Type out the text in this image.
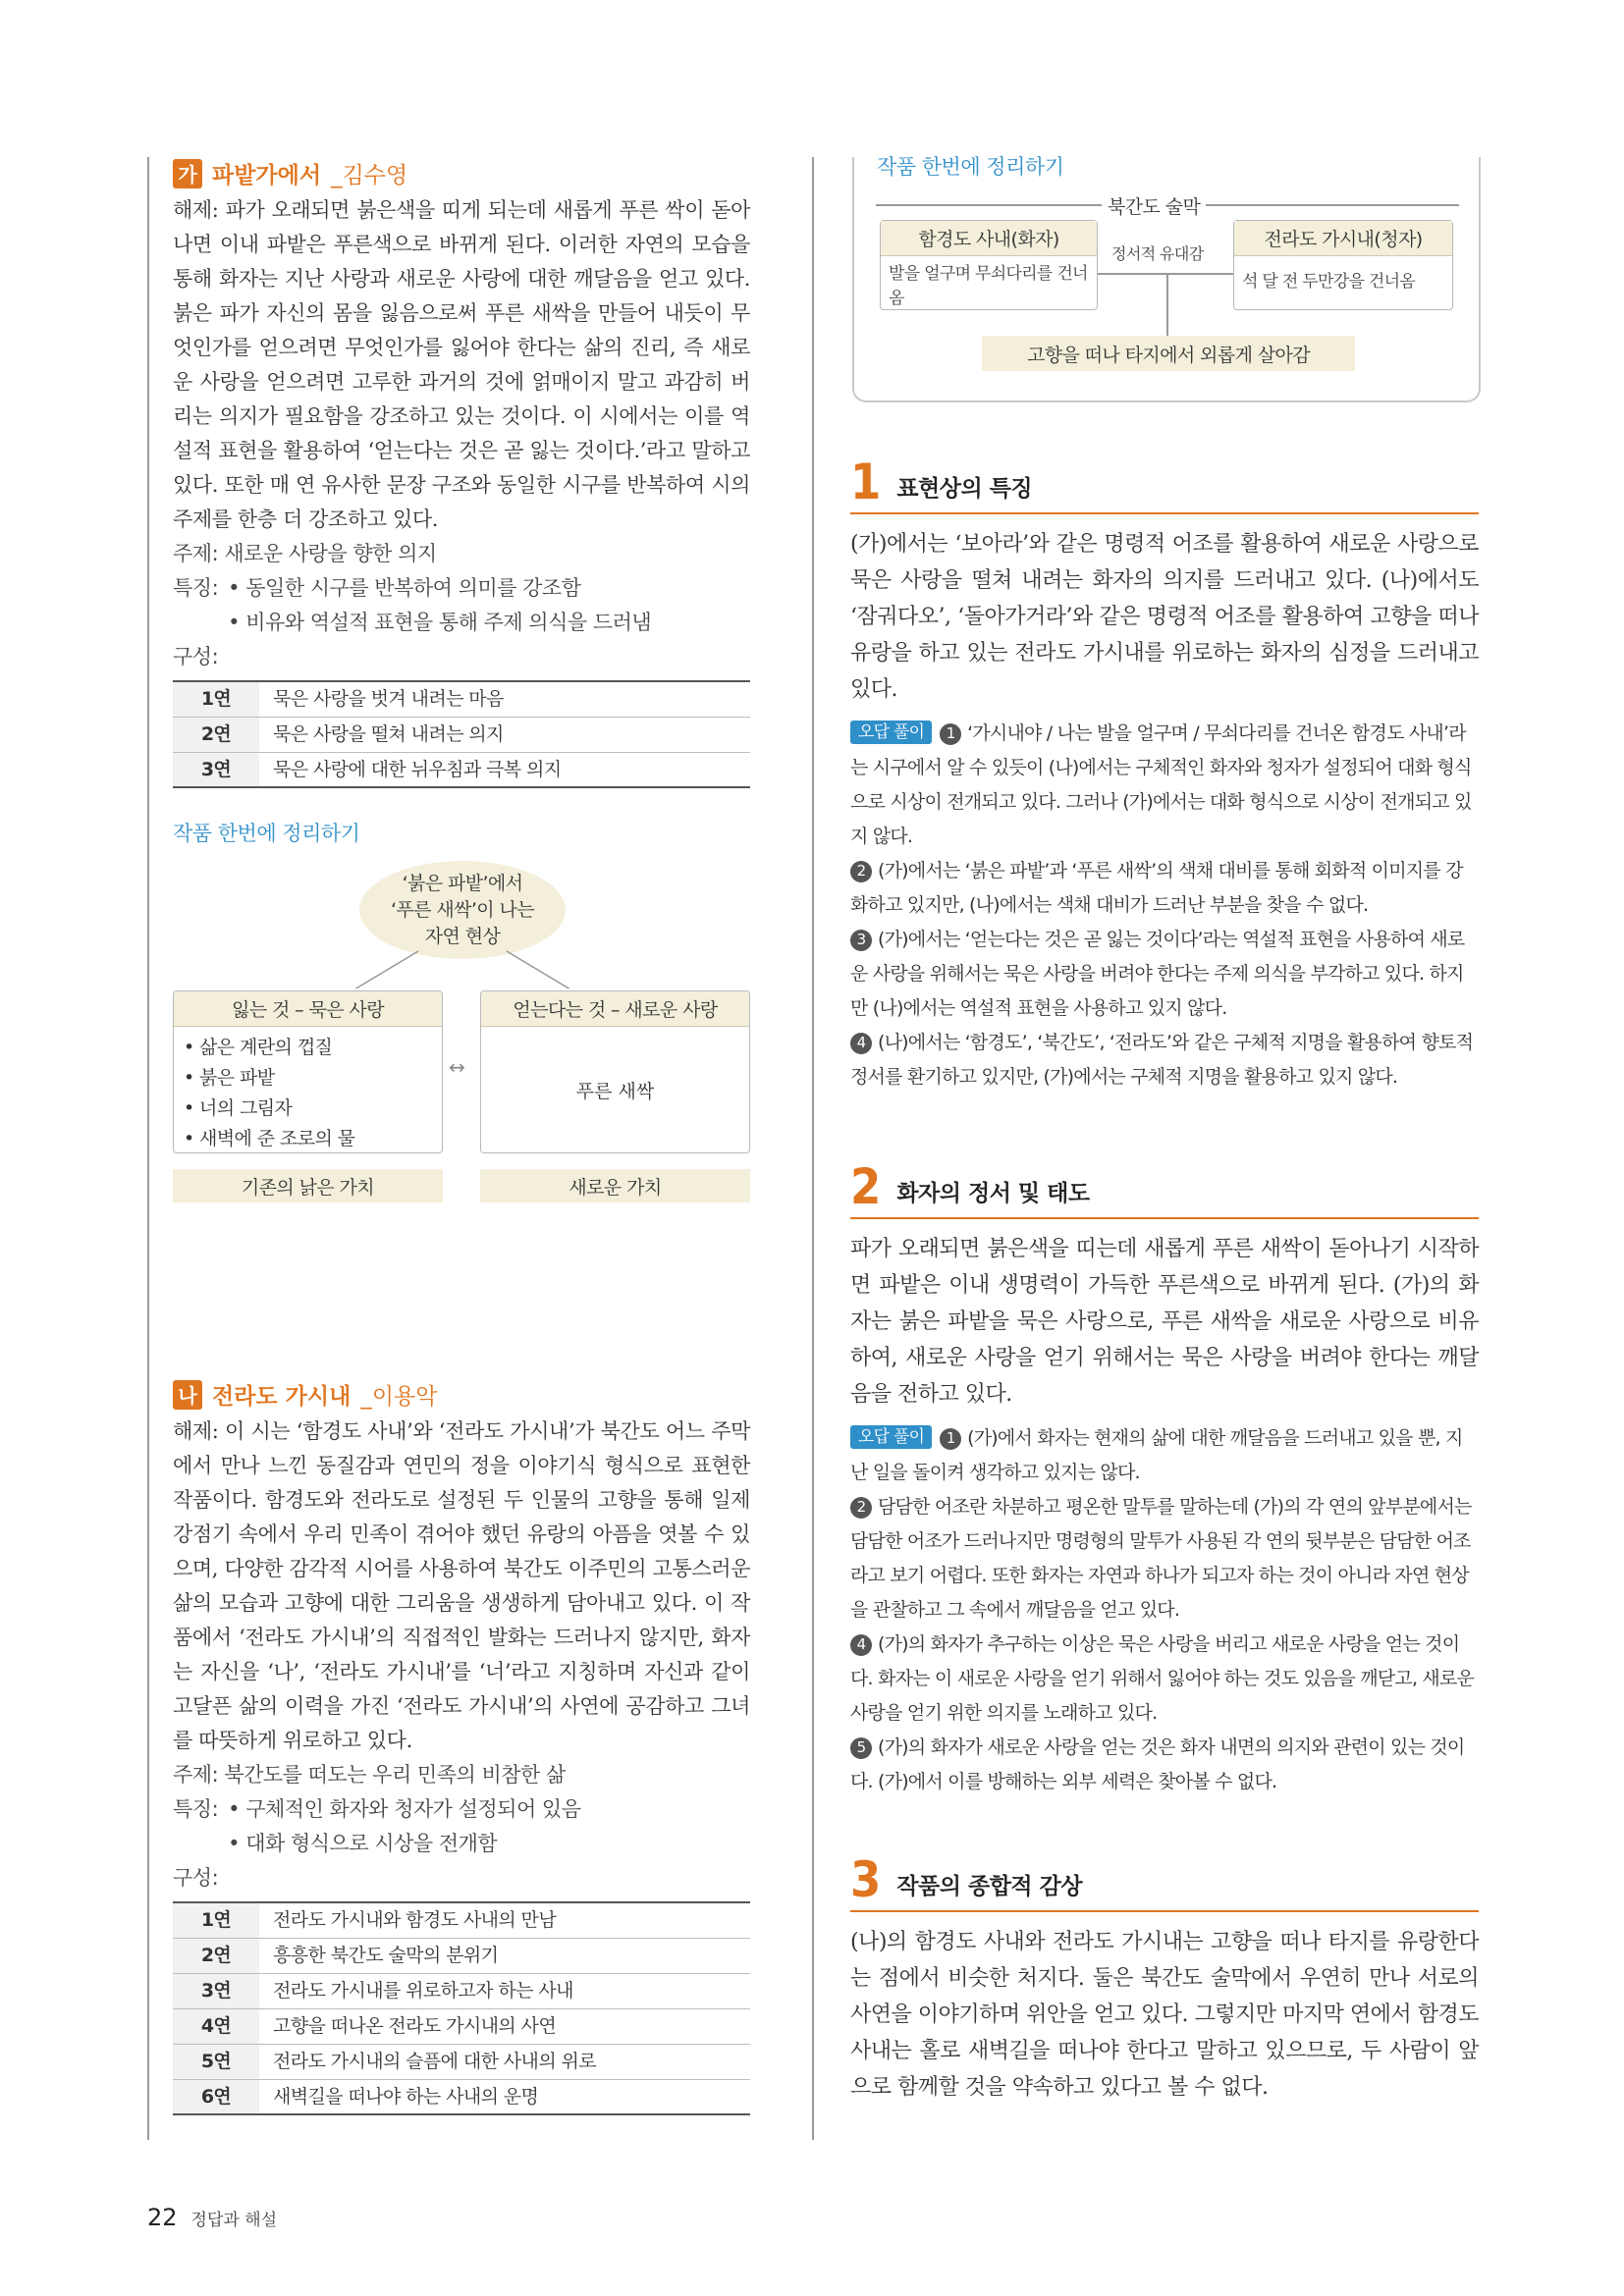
가 파밭가에서 _김수영

해제: 파가 오래되면 붉은색을 띠게 되는데 새롭게 푸른 싹이 돋아나면 이내 파밭은 푸른색으로 바뀌게 된다. 이러한 자연의 모습을 통해 화자는 지난 사랑과 새로운 사랑에 대한 깨달음을 얻고 있다. 붉은 파가 자신의 몸을 잃음으로써 푸른 새싹을 만들어 내듯이 무엇인가를 얻으려면 무엇인가를 잃어야 한다는 삶의 진리, 즉 새로운 사랑을 얻으려면 고루한 과거의 것에 얽매이지 말고 과감히 버리는 의지가 필요함을 강조하고 있는 것이다. 이 시에서는 이를 역설적 표현을 활용하여 ‘얻는다는 것은 곧 잃는 것이다.’라고 말하고 있다. 또한 매 연 유사한 문장 구조와 동일한 시구를 반복하여 시의 주제를 한층 더 강조하고 있다.

주제: 새로운 사랑을 향한 의지
특징: • 동일한 시구를 반복하여 의미를 강조함
• 비유와 역설적 표현을 통해 주제 의식을 드러냄
구성:
1연	묵은 사랑을 벗겨 내려는 마음
2연	묵은 사랑을 떨쳐 내려는 의지
3연	묵은 사랑에 대한 뉘우침과 극복 의지
작품 한번에 정리하기
‘붉은 파밭’에서
‘푸른 새싹’이 나는
자연 현상
잃는 것 – 묵은 사랑
• 삶은 계란의 껍질
• 붉은 파밭
• 너의 그림자
• 새벽에 준 조로의 물
↔
얻는다는 것 – 새로운 사랑
푸른 새싹
기존의 낡은 가치	새로운 가치
나 전라도 가시내 _이용악

해제: 이 시는 ‘함경도 사내’와 ‘전라도 가시내’가 북간도 어느 주막에서 만나 느낀 동질감과 연민의 정을 이야기식 형식으로 표현한 작품이다. 함경도와 전라도로 설정된 두 인물의 고향을 통해 일제 강점기 속에서 우리 민족이 겪어야 했던 유랑의 아픔을 엿볼 수 있으며, 다양한 감각적 시어를 사용하여 북간도 이주민의 고통스러운 삶의 모습과 고향에 대한 그리움을 생생하게 담아내고 있다. 이 작품에서 ‘전라도 가시내’의 직접적인 발화는 드러나지 않지만, 화자는 자신을 ‘나’, ‘전라도 가시내’를 ‘너’라고 지칭하며 자신과 같이 고달픈 삶의 이력을 가진 ‘전라도 가시내’의 사연에 공감하고 그녀를 따뜻하게 위로하고 있다.

주제: 북간도를 떠도는 우리 민족의 비참한 삶
특징: • 구체적인 화자와 청자가 설정되어 있음
• 대화 형식으로 시상을 전개함
구성:
1연	전라도 가시내와 함경도 사내의 만남
2연	흥흥한 북간도 술막의 분위기
3연	전라도 가시내를 위로하고자 하는 사내
4연	고향을 떠나온 전라도 가시내의 사연
5연	전라도 가시내의 슬픔에 대한 사내의 위로
6연	새벽길을 떠나야 하는 사내의 운명
작품 한번에 정리하기
북간도 술막
함경도 사내(화자)
발을 얼구며 무쇠다리를 건너옴
정서적 유대감
전라도 가시내(청자)
석 달 전 두만강을 건너옴
고향을 떠나 타지에서 외롭게 살아감
1 표현상의 특징
(가)에서는 ‘보아라’와 같은 명령적 어조를 활용하여 새로운 사랑으로 묵은 사랑을 떨쳐 내려는 화자의 의지를 드러내고 있다. (나)에서도 ‘잠궈다오’, ‘돌아가거라’와 같은 명령적 어조를 활용하여 고향을 떠나 유랑을 하고 있는 전라도 가시내를 위로하는 화자의 심정을 드러내고 있다.
오답 풀이 1 ‘가시내야 / 나는 발을 얼구며 / 무쇠다리를 건너온 함경도 사내’라는 시구에서 알 수 있듯이 (나)에서는 구체적인 화자와 청자가 설정되어 대화 형식으로 시상이 전개되고 있다. 그러나 (가)에서는 대화 형식으로 시상이 전개되고 있지 않다.
2 (가)에서는 ‘붉은 파밭’과 ‘푸른 새싹’의 색채 대비를 통해 회화적 이미지를 강화하고 있지만, (나)에서는 색채 대비가 드러난 부분을 찾을 수 없다.
3 (가)에서는 ‘얻는다는 것은 곧 잃는 것이다’라는 역설적 표현을 사용하여 새로운 사랑을 위해서는 묵은 사랑을 버려야 한다는 주제 의식을 부각하고 있다. 하지만 (나)에서는 역설적 표현을 사용하고 있지 않다.
4 (나)에서는 ‘함경도’, ‘북간도’, ‘전라도’와 같은 구체적 지명을 활용하여 향토적 정서를 환기하고 있지만, (가)에서는 구체적 지명을 활용하고 있지 않다.
2 화자의 정서 및 태도
파가 오래되면 붉은색을 띠는데 새롭게 푸른 새싹이 돋아나기 시작하면 파밭은 이내 생명력이 가득한 푸른색으로 바뀌게 된다. (가)의 화자는 붉은 파밭을 묵은 사랑으로, 푸른 새싹을 새로운 사랑으로 비유하여, 새로운 사랑을 얻기 위해서는 묵은 사랑을 버려야 한다는 깨달음을 전하고 있다.
오답 풀이 1 (가)에서 화자는 현재의 삶에 대한 깨달음을 드러내고 있을 뿐, 지난 일을 돌이켜 생각하고 있지는 않다.
2 담담한 어조란 차분하고 평온한 말투를 말하는데 (가)의 각 연의 앞부분에서는 담담한 어조가 드러나지만 명령형의 말투가 사용된 각 연의 뒷부분은 담담한 어조라고 보기 어렵다. 또한 화자는 자연과 하나가 되고자 하는 것이 아니라 자연 현상을 관찰하고 그 속에서 깨달음을 얻고 있다.
4 (가)의 화자가 추구하는 이상은 묵은 사랑을 버리고 새로운 사랑을 얻는 것이다. 화자는 이 새로운 사랑을 얻기 위해서 잃어야 하는 것도 있음을 깨닫고, 새로운 사랑을 얻기 위한 의지를 노래하고 있다.
5 (가)의 화자가 새로운 사랑을 얻는 것은 화자 내면의 의지와 관련이 있는 것이다. (가)에서 이를 방해하는 외부 세력은 찾아볼 수 없다.
3 작품의 종합적 감상
(나)의 함경도 사내와 전라도 가시내는 고향을 떠나 타지를 유랑한다는 점에서 비슷한 처지다. 둘은 북간도 술막에서 우연히 만나 서로의 사연을 이야기하며 위안을 얻고 있다. 그렇지만 마지막 연에서 함경도 사내는 홀로 새벽길을 떠나야 한다고 말하고 있으므로, 두 사람이 앞으로 함께할 것을 약속하고 있다고 볼 수 없다.
22 정답과 해설
